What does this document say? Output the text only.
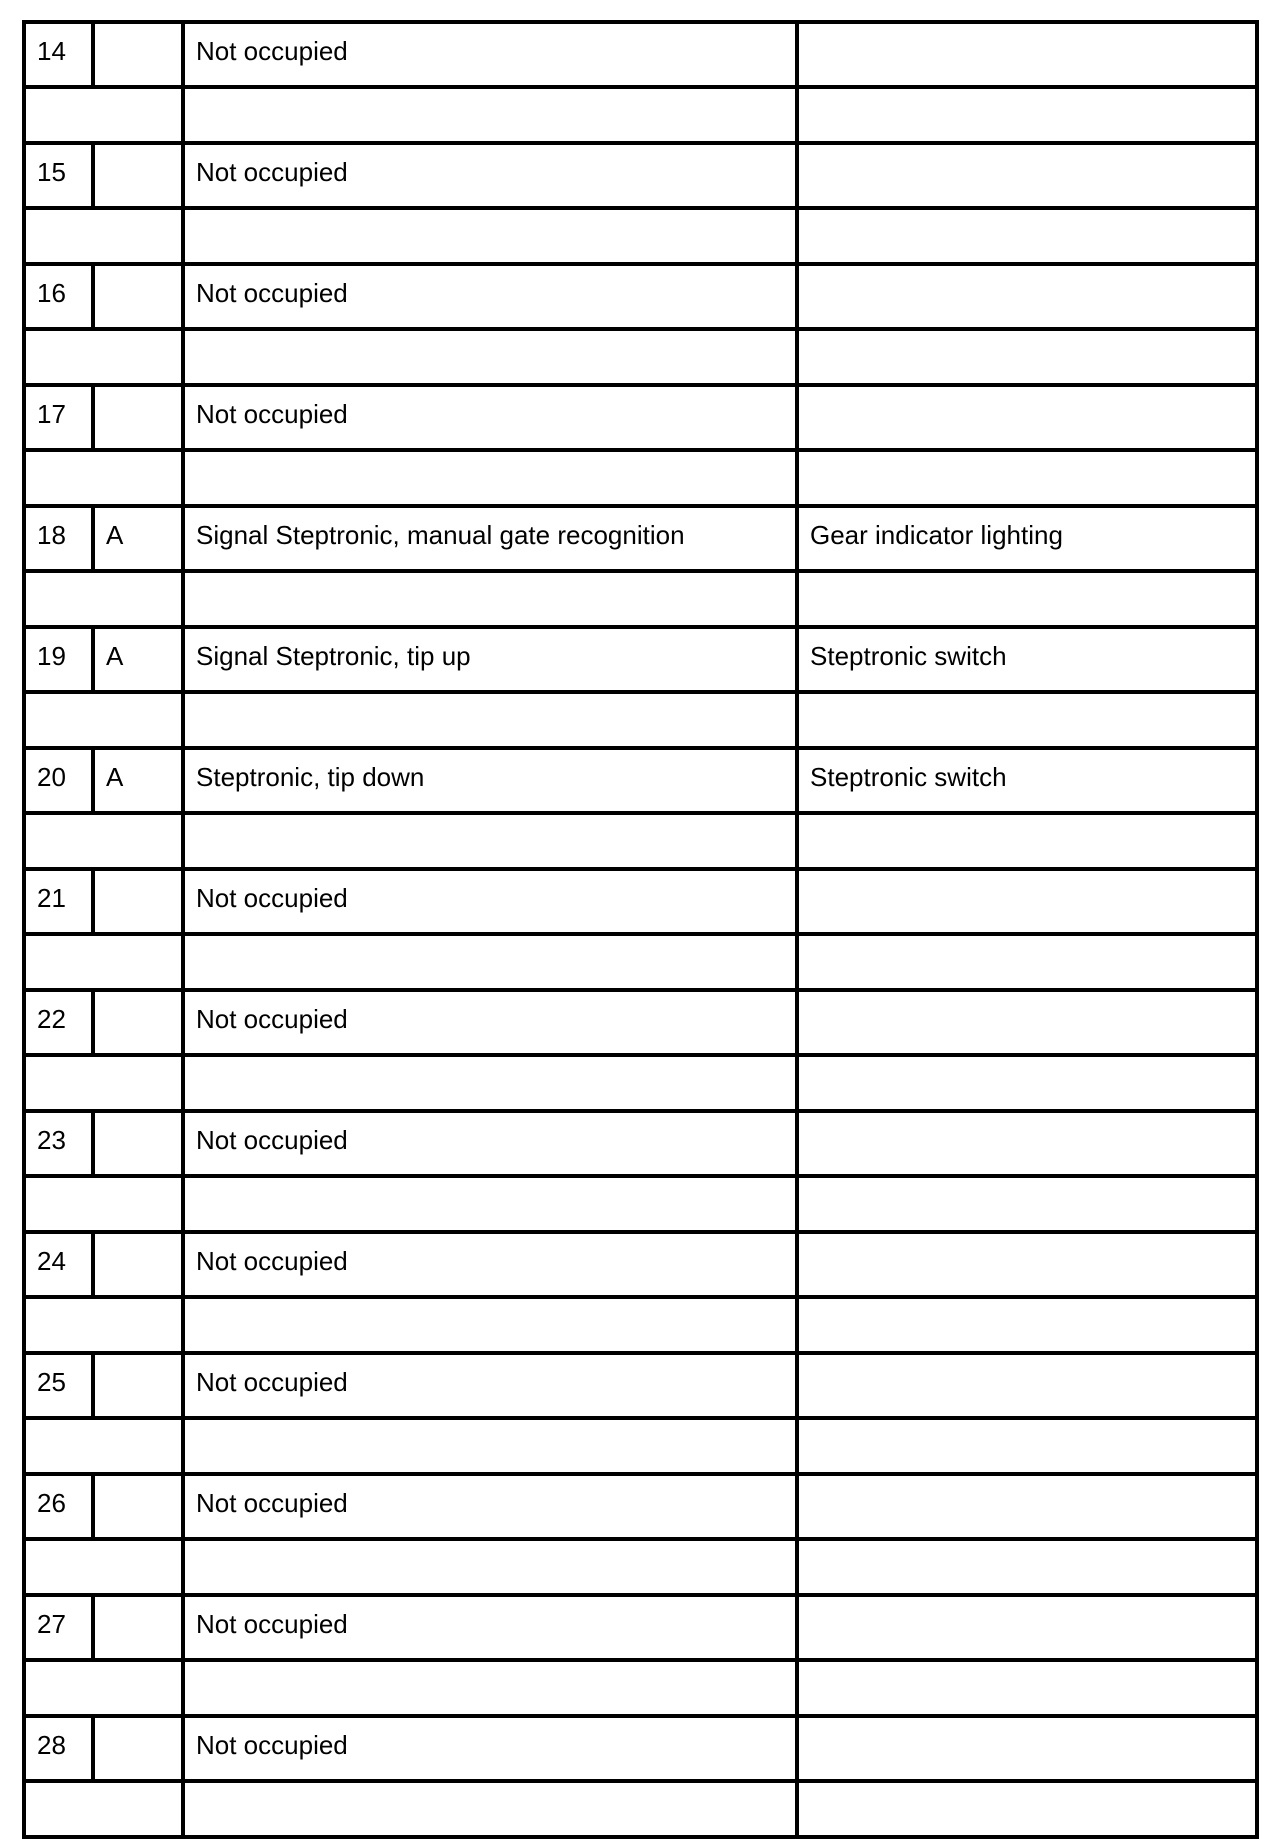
14		Not occupied	

15		Not occupied	

16		Not occupied	

17		Not occupied	

18	A	Signal Steptronic, manual gate recognition	Gear indicator lighting

19	A	Signal Steptronic, tip up	Steptronic switch

20	A	Steptronic, tip down	Steptronic switch

21		Not occupied	

22		Not occupied	

23		Not occupied	

24		Not occupied	

25		Not occupied	

26		Not occupied	

27		Not occupied	

28		Not occupied	
